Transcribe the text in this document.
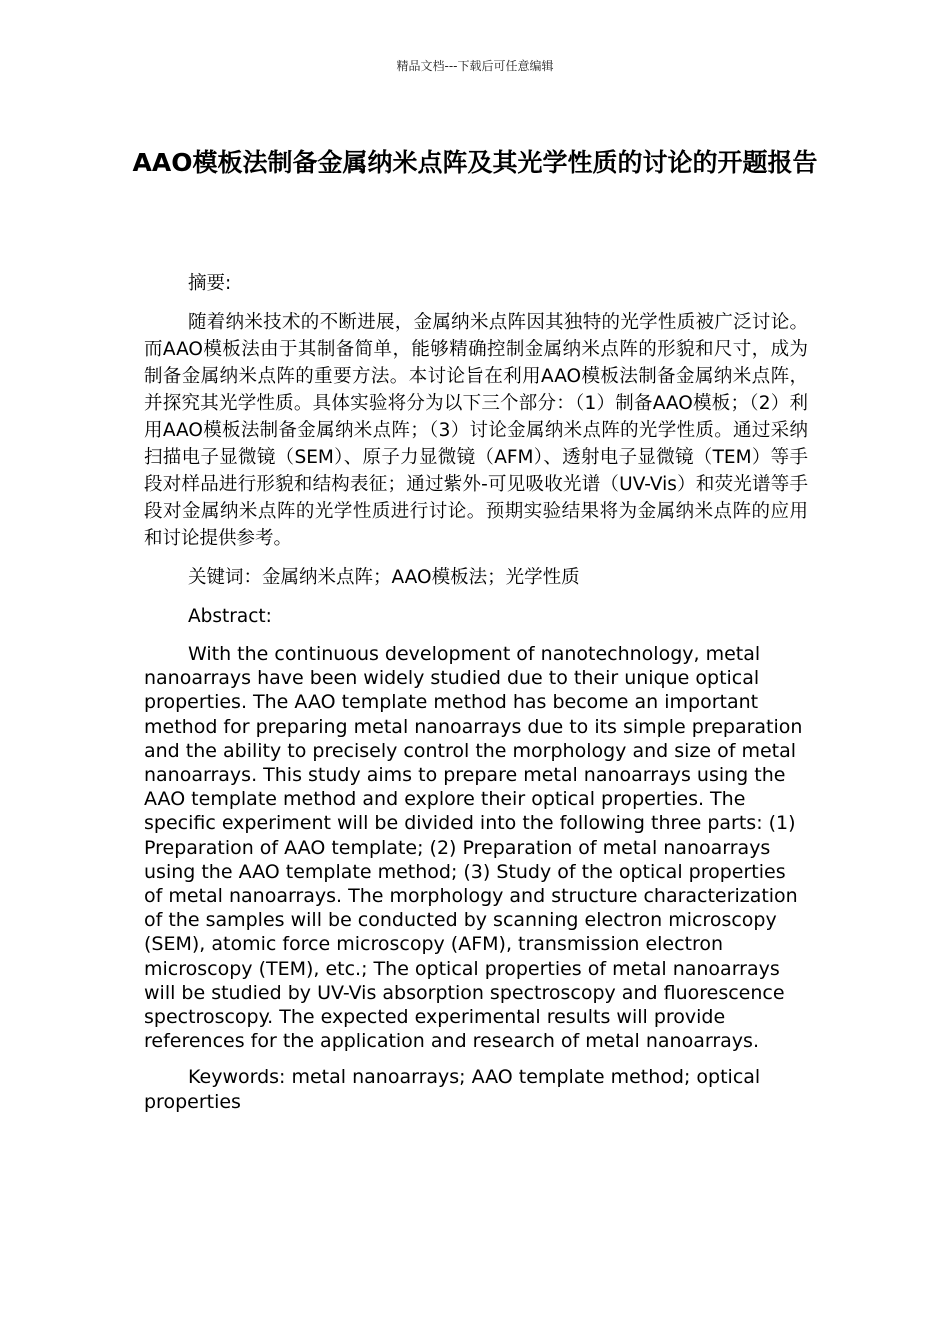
精品文档---下载后可任意编辑
AAO模板法制备金属纳米点阵及其光学性质的讨论的开题报告

摘要:

随着纳米技术的不断进展，金属纳米点阵因其独特的光学性质被广泛讨论。而AAO模板法由于其制备简单，能够精确控制金属纳米点阵的形貌和尺寸，成为制备金属纳米点阵的重要方法。本讨论旨在利用AAO模板法制备金属纳米点阵，并探究其光学性质。具体实验将分为以下三个部分：（1）制备AAO模板；（2）利用AAO模板法制备金属纳米点阵；（3）讨论金属纳米点阵的光学性质。通过采纳扫描电子显微镜（SEM）、原子力显微镜（AFM）、透射电子显微镜（TEM）等手段对样品进行形貌和结构表征；通过紫外-可见吸收光谱（UV-Vis）和荧光谱等手段对金属纳米点阵的光学性质进行讨论。预期实验结果将为金属纳米点阵的应用和讨论提供参考。

关键词：金属纳米点阵；AAO模板法；光学性质

Abstract:

With the continuous development of nanotechnology, metal nanoarrays have been widely studied due to their unique optical properties. The AAO template method has become an important method for preparing metal nanoarrays due to its simple preparation and the ability to precisely control the morphology and size of metal nanoarrays. This study aims to prepare metal nanoarrays using the AAO template method and explore their optical properties. The specific experiment will be divided into the following three parts: (1) Preparation of AAO template; (2) Preparation of metal nanoarrays using the AAO template method; (3) Study of the optical properties of metal nanoarrays. The morphology and structure characterization of the samples will be conducted by scanning electron microscopy (SEM), atomic force microscopy (AFM), transmission electron microscopy (TEM), etc.; The optical properties of metal nanoarrays will be studied by UV-Vis absorption spectroscopy and fluorescence spectroscopy. The expected experimental results will provide references for the application and research of metal nanoarrays.

Keywords: metal nanoarrays; AAO template method; optical properties
